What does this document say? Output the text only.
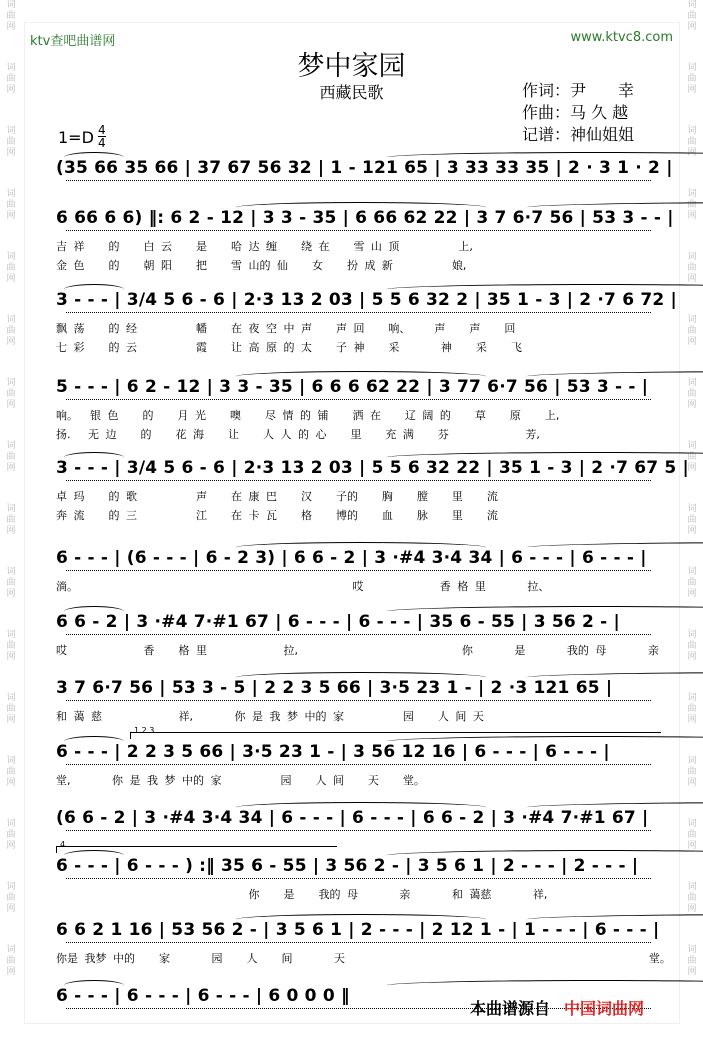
词
曲
网
词
曲
网
词
曲
网
词
曲
网
词
曲
网
词
曲
网
词
曲
网
词
曲
网
词
曲
网
词
曲
网
词
曲
网
词
曲
网
词
曲
网
词
曲
网
词
曲
网
词
曲
网
词
曲
网
词
曲
网
词
曲
网
词
曲
网
词
曲
网
词
曲
网
词
曲
网
词
曲
网
词
曲
网
词
曲
网
词
曲
网
词
曲
网
词
曲
网
词
曲
网
词
曲
网
词
曲
网
ktv查吧曲谱网	www.ktvc8.com
梦中家园
西藏民歌	作词：尹　　幸
作曲：马 久 越
记谱：神仙姐姐
1=D 4
4
(35 66 35 66 | 37 67 56 32 | 1 - 121 65 | 3 33 33 35 | 2 · 3 1 · 2 |
6 66 6 6) ‖: 6 2 - 12 | 3 3 - 35 | 6 66 62 22 | 3 7 6·7 56 | 53 3 - - |
吉 祥 　 的 　 白 云 　 是 　 哈 达 缠 　 绕 在 　 雪 山 顶 　 　 　 上,
金 色 　 的 　 朝 阳 　 把 　 雪 山的 仙 　 女 　 扮 成 新 　 　 　 娘,
3 - - - | 3/4 5 6 - 6 | 2·3 13 2 03 | 5 5 6 32 2 | 35 1 - 3 | 2 ·7 6 72 |
飘 荡 　 的 经 　 　 　 幡 　 在 夜 空 中 声 　 声 回 　 响、 　 声 　 声 　 回
七 彩 　 的 云 　 　 　 霞 　 让 高 原 的 太 　 子 神 　 采 　 　 神 　 采 　 飞
5 - - - | 6 2 - 12 | 3 3 - 35 | 6 6 6 62 22 | 3 77 6·7 56 | 53 3 - - |
响。　 银 色 　 的 　 月 光 　 噢 　 尽 情 的 铺 　 洒 在 　 辽 阔 的 　 草 　 原 　 上,
扬.　 无 边 　 的 　 花 海 　 让 　 人 人 的 心 　 里 　 充 满 　 芬 　 　 　 　 芳,
3 - - - | 3/4 5 6 - 6 | 2·3 13 2 03 | 5 5 6 32 22 | 35 1 - 3 | 2 ·7 67 5 |
卓 玛 　 的 歌 　 　 　 声 　 在 康 巴 　 汉 　 子的 　 胸 　 膛 　 里 　 流
奔 流 　 的 三 　 　 　 江 　 在 卡 瓦 　 格 　 博的 　 血 　 脉 　 里 　 流
6 - - - | (6 - - - | 6 - 2 3) | 6 6 - 2 | 3 ·#4 3·4 34 | 6 - - - | 6 - - - |
淌。　 　 　 　 　 　 　 　 　 　 　 　 　 　 　 　 哎 　 　 　 　 香 格 里 　 　 拉、
6 6 - 2 | 3 ·#4 7·#1 67 | 6 - - - | 6 - - - | 35 6 - 55 | 3 56 2 - |
哎 　 　 　 　 香 　 格 里 　 　 　 　 拉, 　 　 　 　 　 　 　 　 　 你 　 　 是 　 　 我的 母 　 　 亲
3 7 6·7 56 | 53 3 - 5 | 2 2 3 5 66 | 3·5 23 1 - | 2 ·3 121 65 |
和 蔼 慈 　 　 　 　 祥, 　 　 你 是 我 梦 中的 家 　 　 　 园 　 人 间 天
6 - - - | 2 2 3 5 66 | 3·5 23 1 - | 3 56 12 16 | 6 - - - | 6 - - - |
堂, 　 　 你 是 我 梦 中的 家 　 　 　 园 　 人 间 　 天 　 堂。
1 2 3
(6 6 - 2 | 3 ·#4 3·4 34 | 6 - - - | 6 - - - | 6 6 - 2 | 3 ·#4 7·#1 67 |
6 - - - | 6 - - - ) :‖ 35 6 - 55 | 3 56 2 - | 3 5 6 1 | 2 - - - | 2 - - - |
　 　 　 　 　 　 　 　 　 　 　 你 　 是 　 我的 母 　 　 亲 　 　 和 蔼慈 　 　 祥,
4
6 6 2 1 16 | 53 56 2 - | 3 5 6 1 | 2 - - - | 2 12 1 - | 1 - - - | 6 - - - |
你是 我梦 中的 　 家 　 　 园 　 人 　 间 　 　 天 　 　 　 　 　 　 　 　 　 　 　 　 　 　 　 　 　 堂。
6 - - - | 6 - - - | 6 - - - | 6 0 0 0 ‖
本曲谱源自 中国词曲网
